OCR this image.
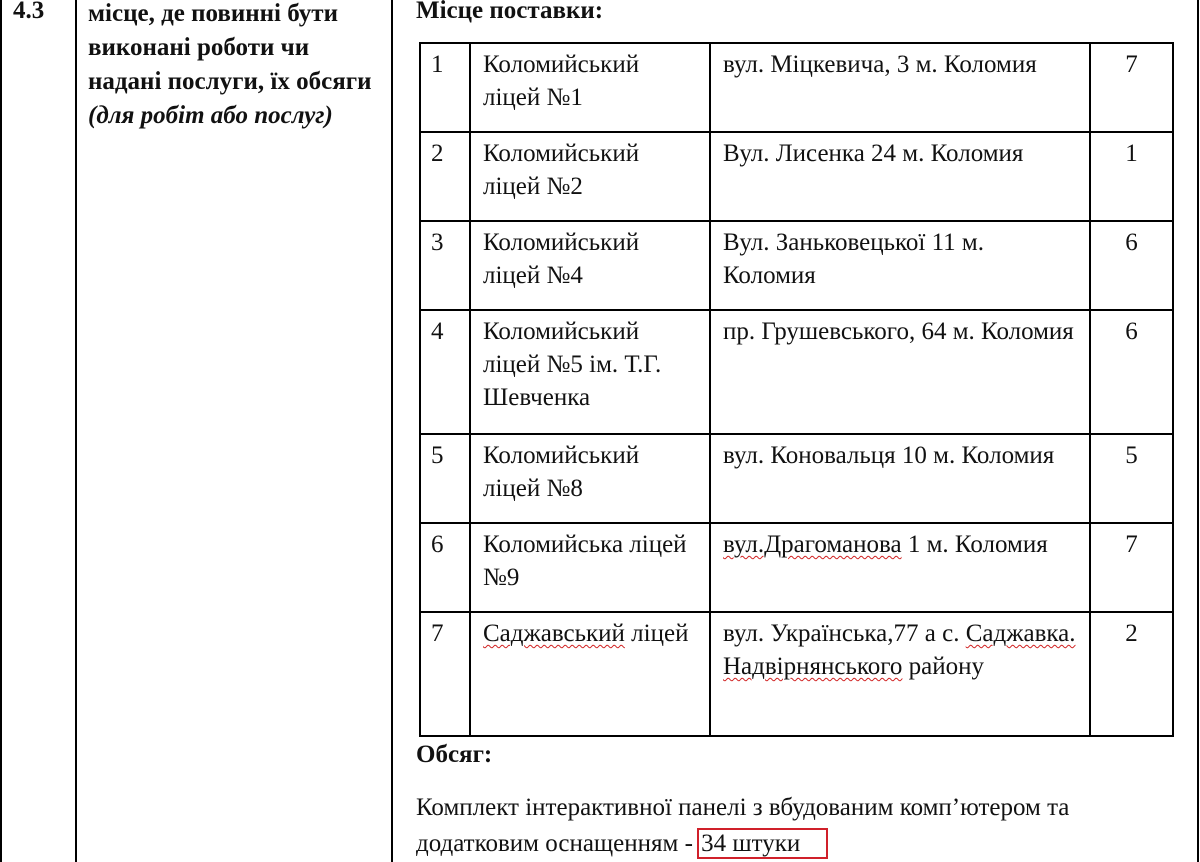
4.3 місце, де повинні бути виконані роботи чи надані послуги, їх обсяги (для робіт або послуг)
Місце поставки:
1	Коломийський ліцей №1	вул. Міцкевича, 3 м. Коломия	7
2	Коломийський ліцей №2	Вул. Лисенка 24 м. Коломия	1
3	Коломийський ліцей №4	Вул. Заньковецької 11 м. Коломия	6
4	Коломийський ліцей №5 ім. Т.Г. Шевченка	пр. Грушевського, 64 м. Коломия	6
5	Коломийський ліцей №8	вул. Коновальця 10 м. Коломия	5
6	Коломийська ліцей №9	вул.Драгоманова 1 м. Коломия	7
7	Саджавський ліцей	вул. Українська,77 а с. Саджавка. Надвірнянського району	2
Обсяг:
Комплект інтерактивної панелі з вбудованим комп’ютером та додатковим оснащенням - 34 штуки
